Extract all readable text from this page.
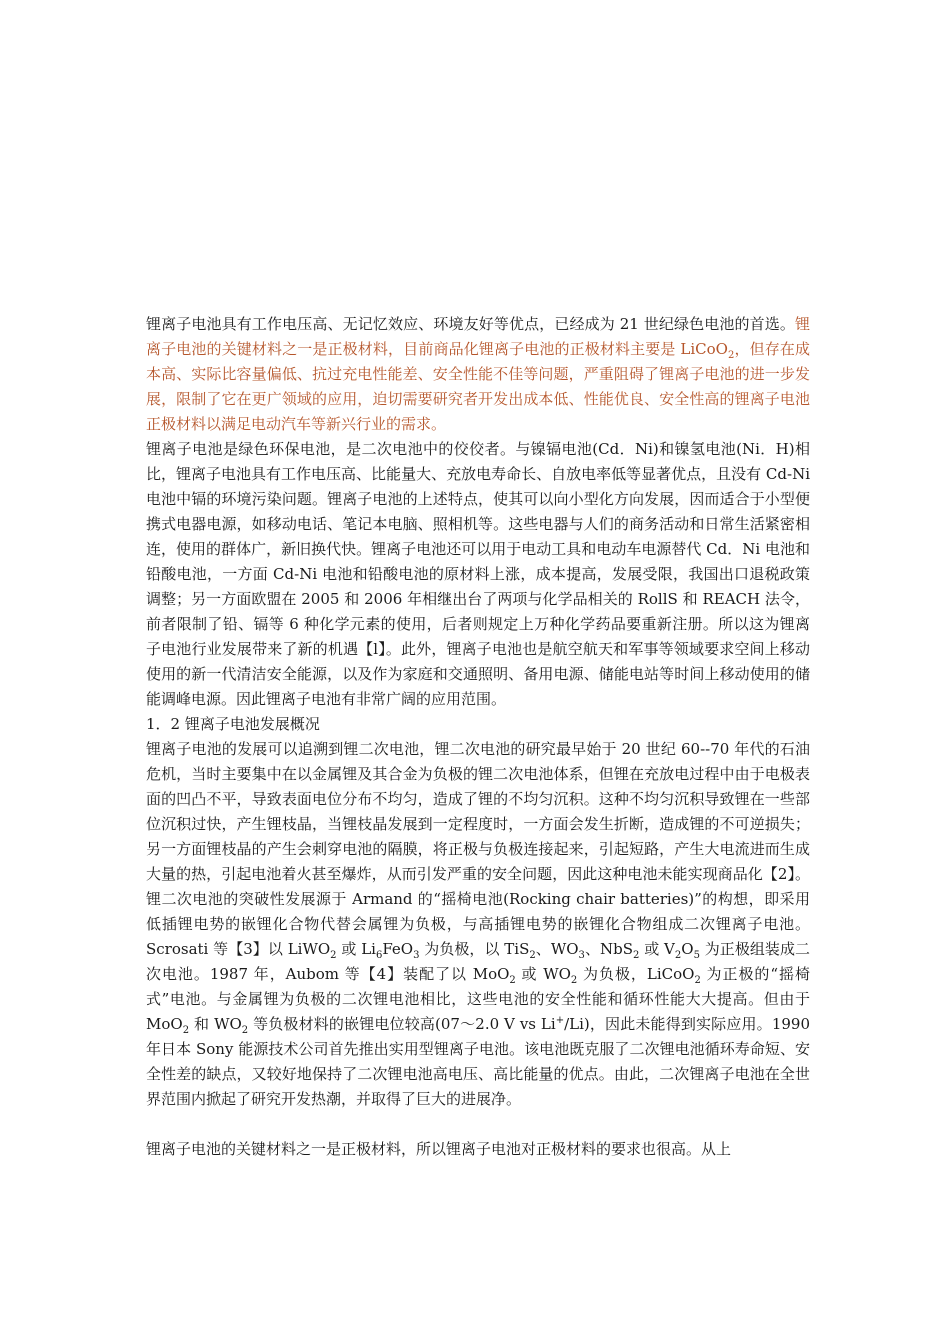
锂离子电池具有工作电压高、无记忆效应、环境友好等优点，已经成为 21 世纪绿色电池的首选。锂离子电池的关键材料之一是正极材料，目前商品化锂离子电池的正极材料主要是 LiCoO$_2$，但存在成本高、实际比容量偏低、抗过充电性能差、安全性能不佳等问题，严重阻碍了锂离子电池的进一步发展，限制了它在更广领域的应用，迫切需要研究者开发出成本低、性能优良、安全性高的锂离子电池正极材料以满足电动汽车等新兴行业的需求。

锂离子电池是绿色环保电池，是二次电池中的佼佼者。与镍镉电池(Cd．Ni)和镍氢电池(Ni．H)相比，锂离子电池具有工作电压高、比能量大、充放电寿命长、自放电率低等显著优点，且没有 Cd-Ni 电池中镉的环境污染问题。锂离子电池的上述特点，使其可以向小型化方向发展，因而适合于小型便携式电器电源，如移动电话、笔记本电脑、照相机等。这些电器与人们的商务活动和日常生活紧密相连，使用的群体广，新旧换代快。锂离子电池还可以用于电动工具和电动车电源替代 Cd．Ni 电池和铅酸电池，一方面 Cd-Ni 电池和铅酸电池的原材料上涨，成本提高，发展受限，我国出口退税政策调整；另一方面欧盟在 2005 和 2006 年相继出台了两项与化学品相关的 RollS 和 REACH 法令，前者限制了铅、镉等 6 种化学元素的使用，后者则规定上万种化学药品要重新注册。所以这为锂离子电池行业发展带来了新的机遇【l】。此外，锂离子电池也是航空航天和军事等领域要求空间上移动使用的新一代清洁安全能源，以及作为家庭和交通照明、备用电源、储能电站等时间上移动使用的储能调峰电源。因此锂离子电池有非常广阔的应用范围。

1．2 锂离子电池发展概况

锂离子电池的发展可以追溯到锂二次电池，锂二次电池的研究最早始于 20 世纪 60--70 年代的石油危机，当时主要集中在以金属锂及其合金为负极的锂二次电池体系，但锂在充放电过程中由于电极表面的凹凸不平，导致表面电位分布不均匀，造成了锂的不均匀沉积。这种不均匀沉积导致锂在一些部位沉积过快，产生锂枝晶，当锂枝晶发展到一定程度时，一方面会发生折断，造成锂的不可逆损失；另一方面锂枝晶的产生会刺穿电池的隔膜，将正极与负极连接起来，引起短路，产生大电流进而生成大量的热，引起电池着火甚至爆炸，从而引发严重的安全问题，因此这种电池未能实现商品化【2】。锂二次电池的突破性发展源于 Armand 的“摇椅电池(Rocking chair batteries)”的构想，即采用低插锂电势的嵌锂化合物代替会属锂为负极，与高插锂电势的嵌锂化合物组成二次锂离子电池。 Scrosati 等【3】以 LiWO$_2$ 或 $Li_6FeO_3$ 为负极，以 TiS$_2$、$WO_3$、NbS$_2$ 或 $V_2O_5$ 为正极组装成二次电池。1987 年，Aubom 等【4】装配了以 MoO$_2$ 或 $WO_2$ 为负极，LiCoO$_2$ 为正极的“摇椅式”电池。与金属锂为负极的二次锂电池相比，这些电池的安全性能和循环性能大大提高。但由于 MoO$_2$ 和 $WO_2$ 等负极材料的嵌锂电位较高(07～2.0 V vs Li+/Li)，因此未能得到实际应用。1990 年日本 Sony 能源技术公司首先推出实用型锂离子电池。该电池既克服了二次锂电池循环寿命短、安全性差的缺点，又较好地保持了二次锂电池高电压、高比能量的优点。由此，二次锂离子电池在全世界范围内掀起了研究开发热潮，并取得了巨大的进展净。

锂离子电池的关键材料之一是正极材料，所以锂离子电池对正极材料的要求也很高。从上
